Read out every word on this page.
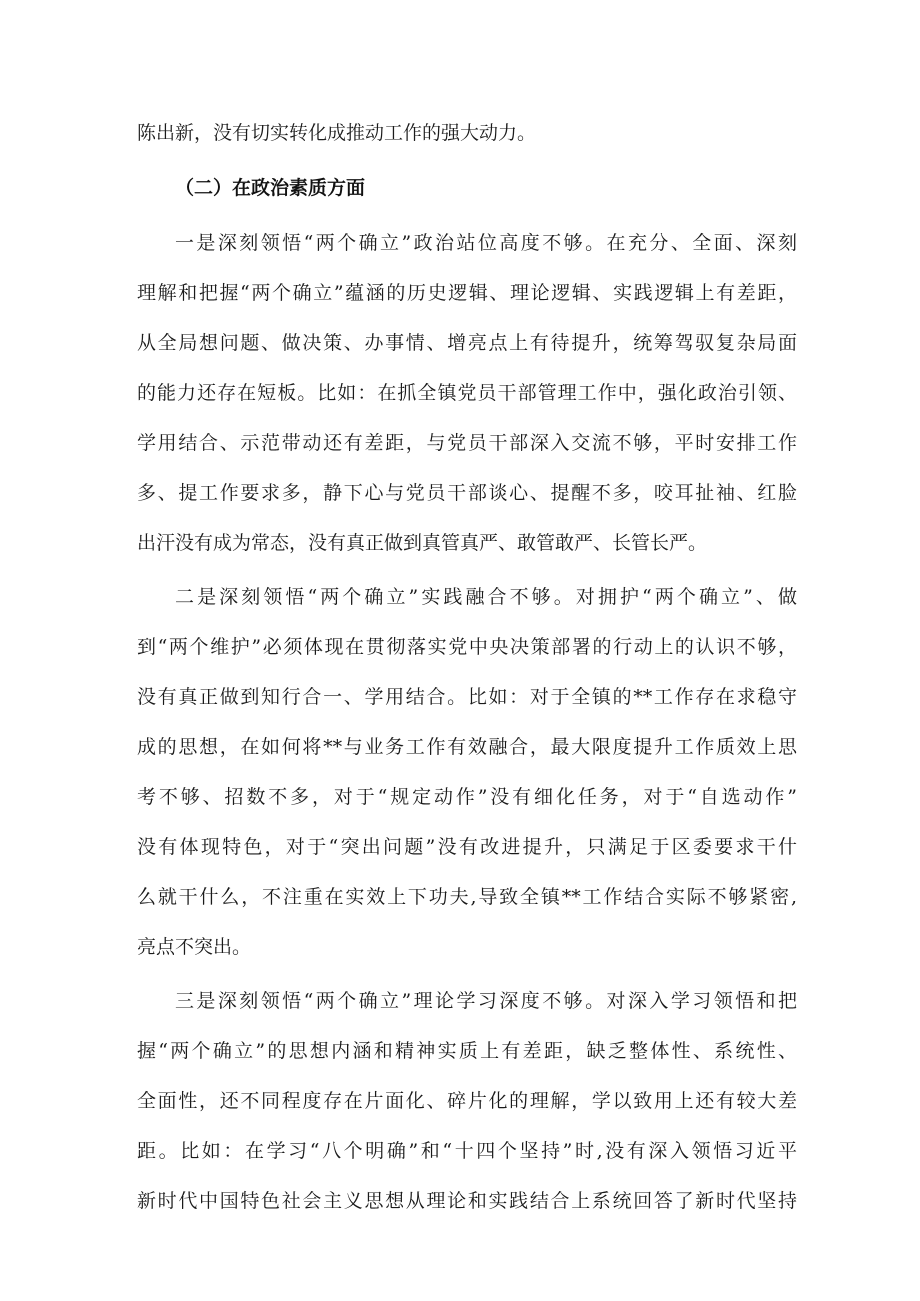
陈出新，没有切实转化成推动工作的强大动力。
（二）在政治素质方面
一是深刻领悟“两个确立”政治站位高度不够。在充分、全面、深刻
理解和把握“两个确立”蕴涵的历史逻辑、理论逻辑、实践逻辑上有差距，
从全局想问题、做决策、办事情、增亮点上有待提升，统筹驾驭复杂局面
的能力还存在短板。比如：在抓全镇党员干部管理工作中，强化政治引领、
学用结合、示范带动还有差距，与党员干部深入交流不够，平时安排工作
多、提工作要求多，静下心与党员干部谈心、提醒不多，咬耳扯袖、红脸
出汗没有成为常态，没有真正做到真管真严、敢管敢严、长管长严。
二是深刻领悟“两个确立”实践融合不够。对拥护“两个确立”、做
到“两个维护”必须体现在贯彻落实党中央决策部署的行动上的认识不够，
没有真正做到知行合一、学用结合。比如：对于全镇的**工作存在求稳守
成的思想，在如何将**与业务工作有效融合，最大限度提升工作质效上思
考不够、招数不多，对于“规定动作”没有细化任务，对于“自选动作”
没有体现特色，对于“突出问题”没有改进提升，只满足于区委要求干什
么就干什么，不注重在实效上下功夫,导致全镇**工作结合实际不够紧密,
亮点不突出。
三是深刻领悟“两个确立”理论学习深度不够。对深入学习领悟和把
握“两个确立”的思想内涵和精神实质上有差距，缺乏整体性、系统性、
全面性，还不同程度存在片面化、碎片化的理解，学以致用上还有较大差
距。比如：在学习“八个明确”和“十四个坚持”时,没有深入领悟习近平
新时代中国特色社会主义思想从理论和实践结合上系统回答了新时代坚持
